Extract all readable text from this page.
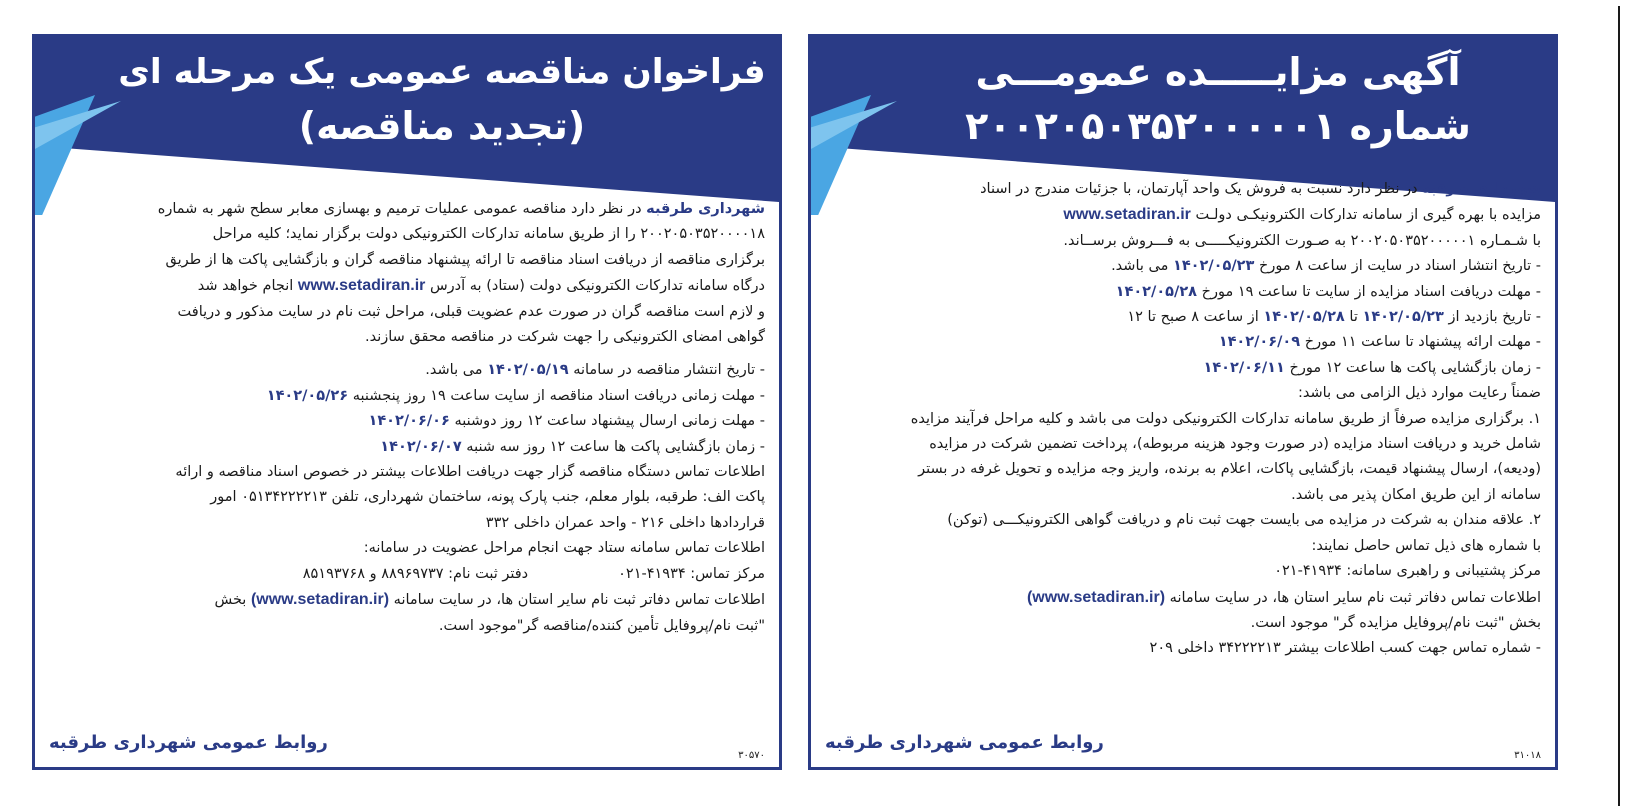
فراخوان مناقصه عمومی یک مرحله ای
(تجدید مناقصه)
شهرداری طرقبه در نظر دارد مناقصه عمومی عملیات ترمیم و بهسازی معابر سطح شهر به شماره
۲۰۰۲۰۵۰۳۵۲۰۰۰۰۱۸ را از طریق سامانه تدارکات الکترونیکی دولت برگزار نماید؛ کلیه مراحل
برگزاری مناقصه از دریافت اسناد مناقصه تا ارائه پیشنهاد مناقصه گران و بازگشایی پاکت ها از طریق
درگاه سامانه تدارکات الکترونیکی دولت (ستاد) به آدرس www.setadiran.ir انجام خواهد شد
و لازم است مناقصه گران در صورت عدم عضویت قبلی، مراحل ثبت نام در سایت مذکور و دریافت
گواهی امضای الکترونیکی را جهت شرکت در مناقصه محقق سازند.
- تاریخ انتشار مناقصه در سامانه ۱۴۰۲/۰۵/۱۹ می باشد.
- مهلت زمانی دریافت اسناد مناقصه از سایت ساعت ۱۹ روز پنجشنبه ۱۴۰۲/۰۵/۲۶
- مهلت زمانی ارسال پیشنهاد ساعت ۱۲ روز دوشنبه ۱۴۰۲/۰۶/۰۶
- زمان بازگشایی پاکت ها ساعت ۱۲ روز سه شنبه ۱۴۰۲/۰۶/۰۷
اطلاعات تماس دستگاه مناقصه گزار جهت دریافت اطلاعات بیشتر در خصوص اسناد مناقصه و ارائه
پاکت الف: طرقبه، بلوار معلم، جنب پارک پونه، ساختمان شهرداری، تلفن ۰۵۱۳۴۲۲۲۲۱۳ امور
قراردادها داخلی ۲۱۶ - واحد عمران داخلی ۳۳۲
اطلاعات تماس سامانه ستاد جهت انجام مراحل عضویت در سامانه:
مرکز تماس: ۴۱۹۳۴-۰۲۱دفتر ثبت نام: ۸۸۹۶۹۷۳۷ و ۸۵۱۹۳۷۶۸
اطلاعات تماس دفاتر ثبت نام سایر استان ها، در سایت سامانه (www.setadiran.ir) بخش
"ثبت نام/پروفایل تأمین کننده/مناقصه گر"موجود است.
روابط عمومی شهرداری طرقبه
۳۰۵۷۰
آگهی مزایـــــده عمومـــی
شماره ۲۰۰۲۰۵۰۳۵۲۰۰۰۰۰۱
شهرداری طرقبه در نظر دارد نسبت به فروش یک واحد آپارتمان، با جزئیات مندرج در اسناد
مزایده با بهره گیری از سامانه تدارکات الکترونیکـی دولـت www.setadiran.ir
با شـمـاره ۲۰۰۲۰۵۰۳۵۲۰۰۰۰۰۱ به صـورت الکترونیکـــــی به فـــروش برســاند.
- تاریخ انتشار اسناد در سایت از ساعت ۸ مورخ ۱۴۰۲/۰۵/۲۳ می باشد.
- مهلت دریافت اسناد مزایده از سایت تا ساعت ۱۹ مورخ ۱۴۰۲/۰۵/۲۸
- تاریخ بازدید از ۱۴۰۲/۰۵/۲۳ تا ۱۴۰۲/۰۵/۲۸ از ساعت ۸ صبح تا ۱۲
- مهلت ارائه پیشنهاد تا ساعت ۱۱ مورخ ۱۴۰۲/۰۶/۰۹
- زمان بازگشایی پاکت ها ساعت ۱۲ مورخ ۱۴۰۲/۰۶/۱۱
ضمناً رعایت موارد ذیل الزامی می باشد:
۱. برگزاری مزایده صرفاً از طریق سامانه تدارکات الکترونیکی دولت می باشد و کلیه مراحل فرآیند مزایده
شامل خرید و دریافت اسناد مزایده (در صورت وجود هزینه مربوطه)، پرداخت تضمین شرکت در مزایده
(ودیعه)، ارسال پیشنهاد قیمت، بازگشایی پاکات، اعلام به برنده، واریز وجه مزایده و تحویل غرفه در بستر
سامانه از این طریق امکان پذیر می باشد.
۲. علاقه مندان به شرکت در مزایده می بایست جهت ثبت نام و دریافت گواهی الکترونیکـــی (توکن)
با شماره های ذیل تماس حاصل نمایند:
مرکز پشتیبانی و راهبری سامانه: ۴۱۹۳۴-۰۲۱
اطلاعات تماس دفاتر ثبت نام سایر استان ها، در سایت سامانه (www.setadiran.ir)
بخش "ثبت نام/پروفایل مزایده گر" موجود است.
- شماره تماس جهت کسب اطلاعات بیشتر ۳۴۲۲۲۲۱۳ داخلی ۲۰۹
روابط عمومی شهرداری طرقبه
۳۱۰۱۸
